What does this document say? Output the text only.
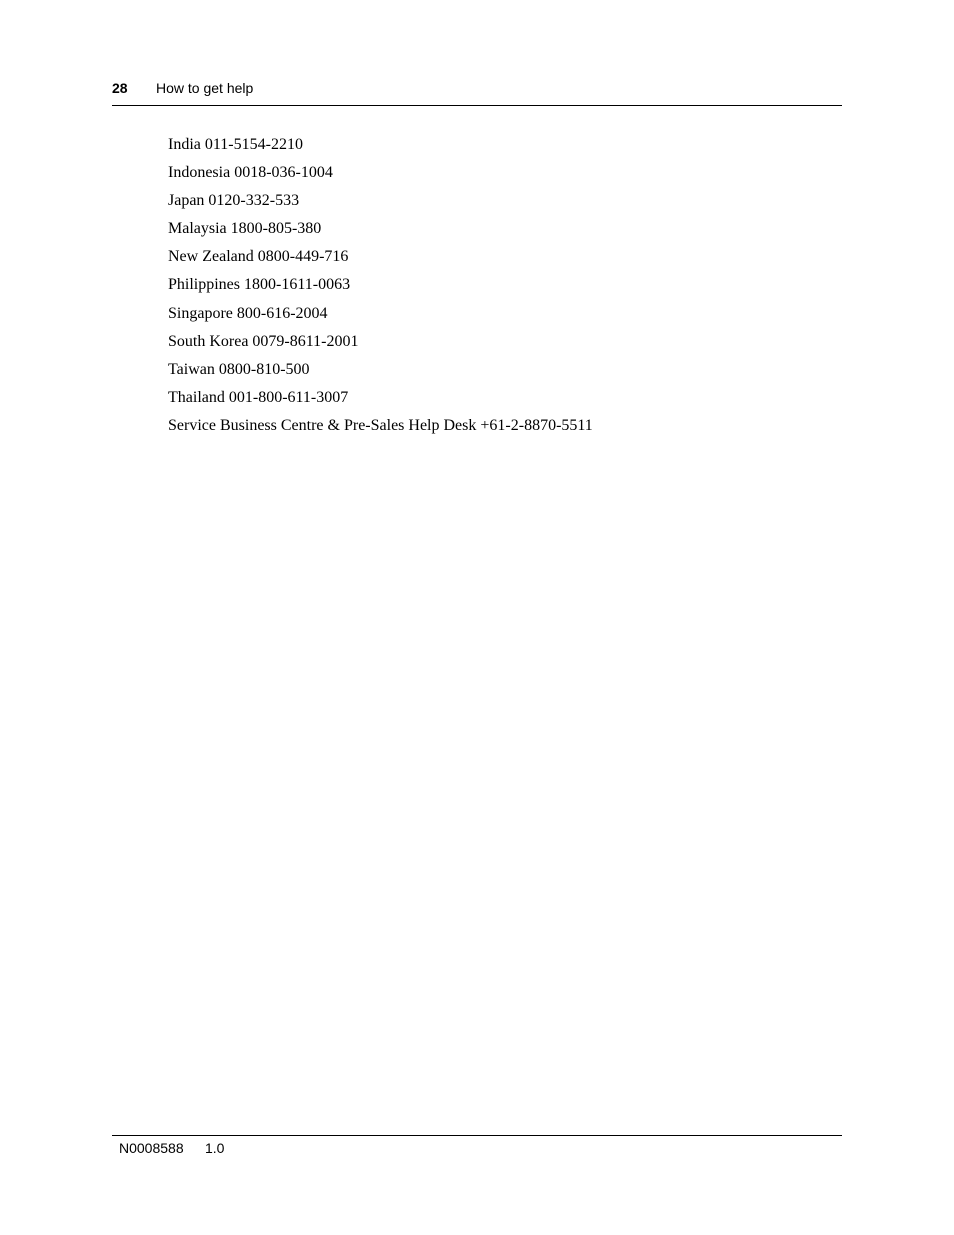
28 How to get help
India 011-5154-2210
Indonesia 0018-036-1004
Japan 0120-332-533
Malaysia 1800-805-380
New Zealand 0800-449-716
Philippines 1800-1611-0063
Singapore 800-616-2004
South Korea 0079-8611-2001
Taiwan 0800-810-500
Thailand 001-800-611-3007
Service Business Centre & Pre-Sales Help Desk +61-2-8870-5511
N0008588 1.0
